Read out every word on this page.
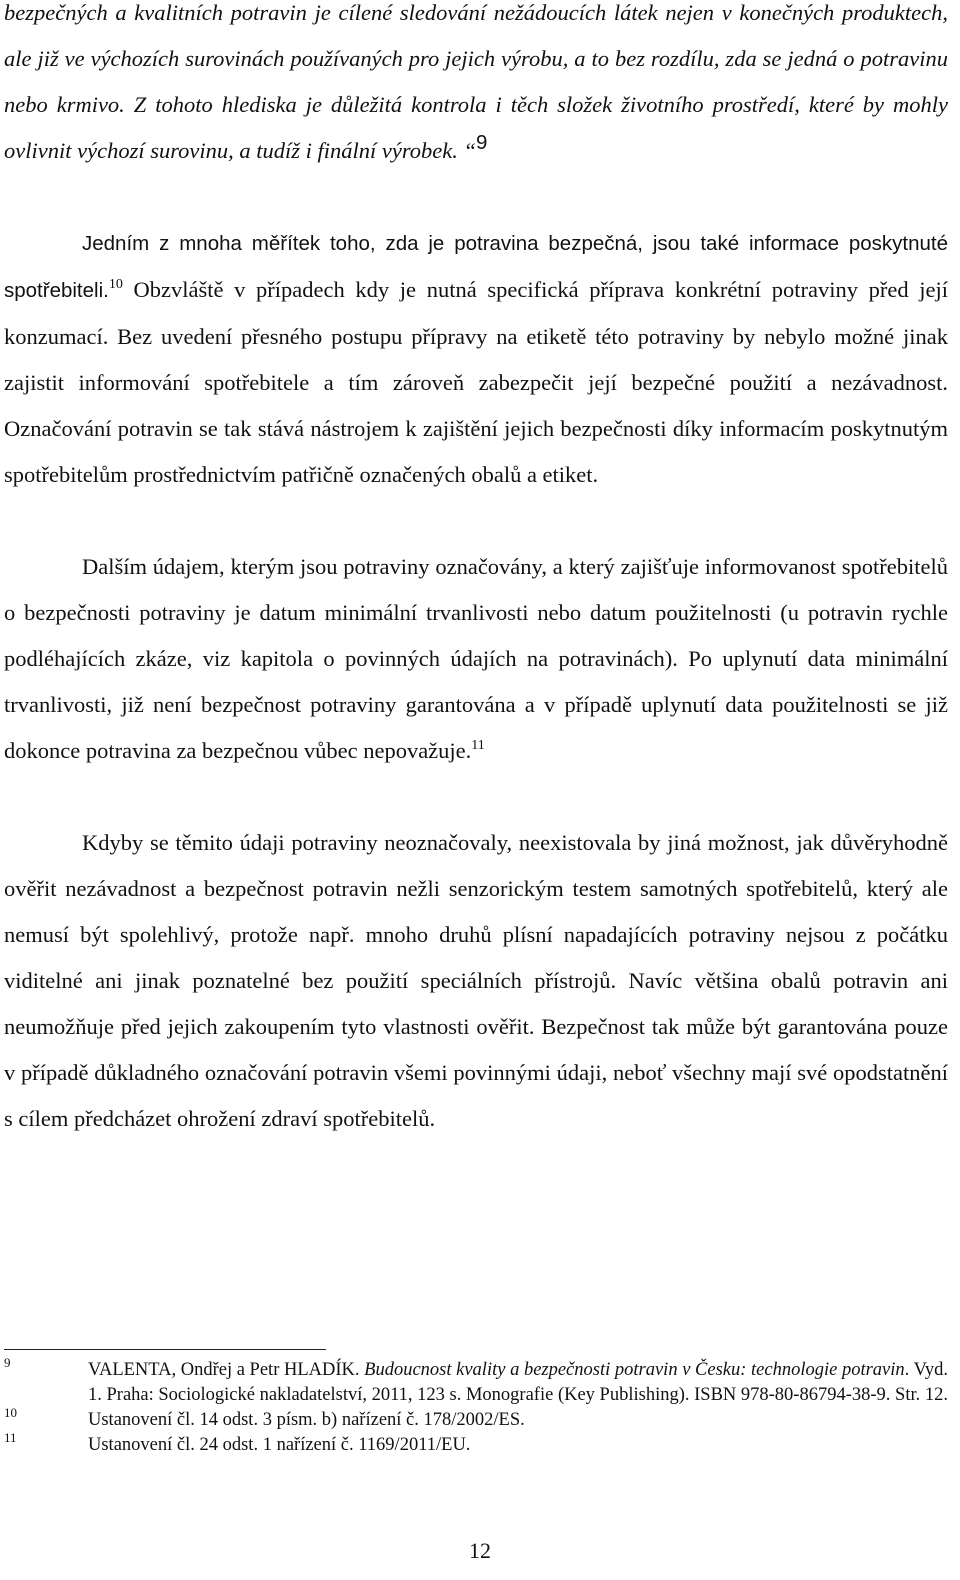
bezpečných a kvalitních potravin je cílené sledování nežádoucích látek nejen v konečných produktech, ale již ve výchozích surovinách používaných pro jejich výrobu, a to bez rozdílu, zda se jedná o potravinu nebo krmivo. Z tohoto hlediska je důležitá kontrola i těch složek životního prostředí, které by mohly ovlivnit výchozí surovinu, a tudíž i finální výrobek. “$^9$

Jedním z mnoha měřítek toho, zda je potravina bezpečná, jsou také informace poskytnuté spotřebiteli.$^{10}$ Obzvláště v případech kdy je nutná specifická příprava konkrétní potraviny před její konzumací. Bez uvedení přesného postupu přípravy na etiketě této potraviny by nebylo možné jinak zajistit informování spotřebitele a tím zároveň zabezpečit její bezpečné použití a nezávadnost. Označování potravin se tak stává nástrojem k zajištění jejich bezpečnosti díky informacím poskytnutým spotřebitelům prostřednictvím patřičně označených obalů a etiket.

Dalším údajem, kterým jsou potraviny označovány, a který zajišťuje informovanost spotřebitelů o bezpečnosti potraviny je datum minimální trvanlivosti nebo datum použitelnosti (u potravin rychle podléhajících zkáze, viz kapitola o povinných údajích na potravinách). Po uplynutí data minimální trvanlivosti, již není bezpečnost potraviny garantována a v případě uplynutí data použitelnosti se již dokonce potravina za bezpečnou vůbec nepovažuje.$^{11}$

Kdyby se těmito údaji potraviny neoznačovaly, neexistovala by jiná možnost, jak důvěryhodně ověřit nezávadnost a bezpečnost potravin nežli senzorickým testem samotných spotřebitelů, který ale nemusí být spolehlivý, protože např. mnoho druhů plísní napadajících potraviny nejsou z počátku viditelné ani jinak poznatelné bez použití speciálních přístrojů. Navíc většina obalů potravin ani neumožňuje před jejich zakoupením tyto vlastnosti ověřit. Bezpečnost tak může být garantována pouze v případě důkladného označování potravin všemi povinnými údaji, neboť všechny mají své opodstatnění s cílem předcházet ohrožení zdraví spotřebitelů.

9	VALENTA, Ondřej a Petr HLADÍK. Budoucnost kvality a bezpečnosti potravin v Česku: technologie potravin. Vyd. 1. Praha: Sociologické nakladatelství, 2011, 123 s. Monografie (Key Publishing). ISBN 978-80-86794-38-9. Str. 12.

10	Ustanovení čl. 14 odst. 3 písm. b) nařízení č. 178/2002/ES.

11	Ustanovení čl. 24 odst. 1 nařízení č. 1169/2011/EU.

12
